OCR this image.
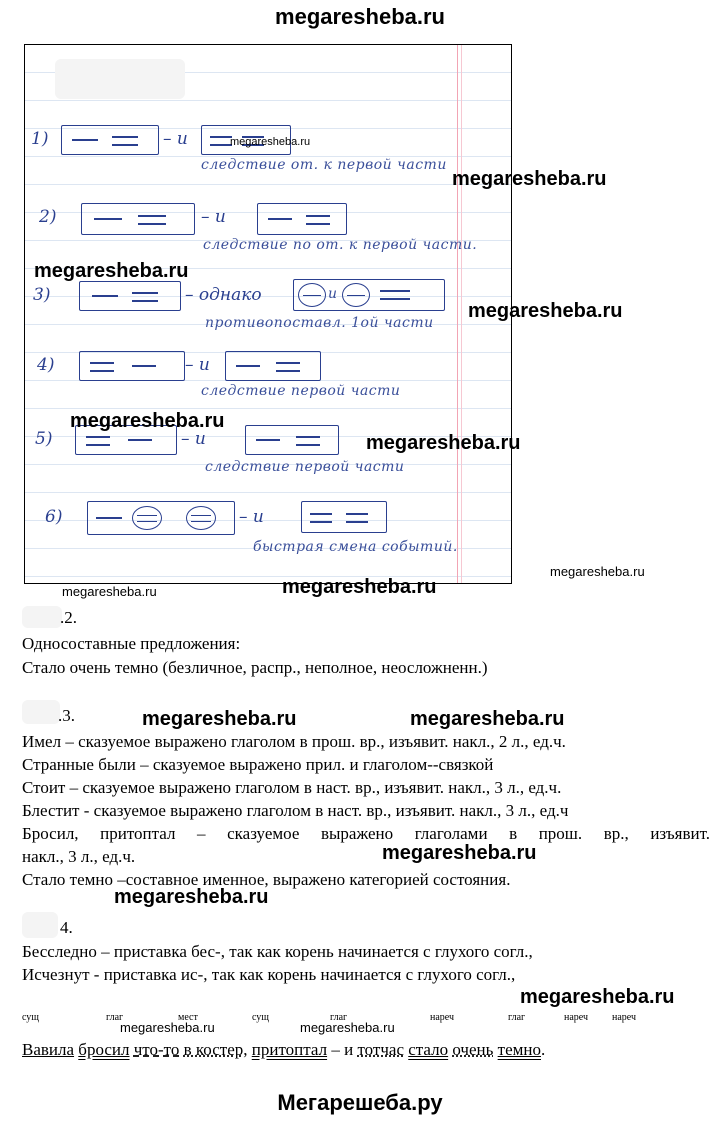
megaresheba.ru
1)	– и
следствие от. к первой части
2)	– и
следствие по от. к первой части.
3)	– однако	и
противопоставл. 1ой части
4)	– и
следствие первой части
5)	– и
следствие первой части
6)	– и
быстрая смена событий.
megaresheba.ru
megaresheba.ru
megaresheba.ru
megaresheba.ru
megaresheba.ru
megaresheba.ru
megaresheba.ru	megaresheba.ru
megaresheba.ru
.2.
Односоставные предложения:
Стало очень темно (безличное, распр., неполное, неосложненн.)
.3.	megaresheba.ru	megaresheba.ru
Имел – сказуемое выражено глаголом в прош. вр., изъявит. накл., 2 л., ед.ч.
Странные были – сказуемое выражено прил. и глаголом--связкой
Стоит – сказуемое выражено глаголом в наст. вр., изъявит. накл., 3 л., ед.ч.
Блестит - сказуемое выражено глаголом в наст. вр., изъявит. накл., 3 л., ед.ч
Бросил, притоптал – сказуемое выражено глаголами в прош. вр., изъявит.
накл., 3 л., ед.ч.	megaresheba.ru
Стало темно –составное именное, выражено категорией состояния.
megaresheba.ru
4.
Бесследно – приставка бес-, так как корень начинается с глухого согл.,
Исчезнут - приставка ис-, так как корень начинается с глухого согл.,
megaresheba.ru
сущ	глаг	мест	сущ	глаг	нареч	глаг	нареч нареч
megaresheba.ru	megaresheba.ru
Вавила бросил что-то в костер, притоптал – и тотчас стало очень темно.
Мегарешеба.ру
